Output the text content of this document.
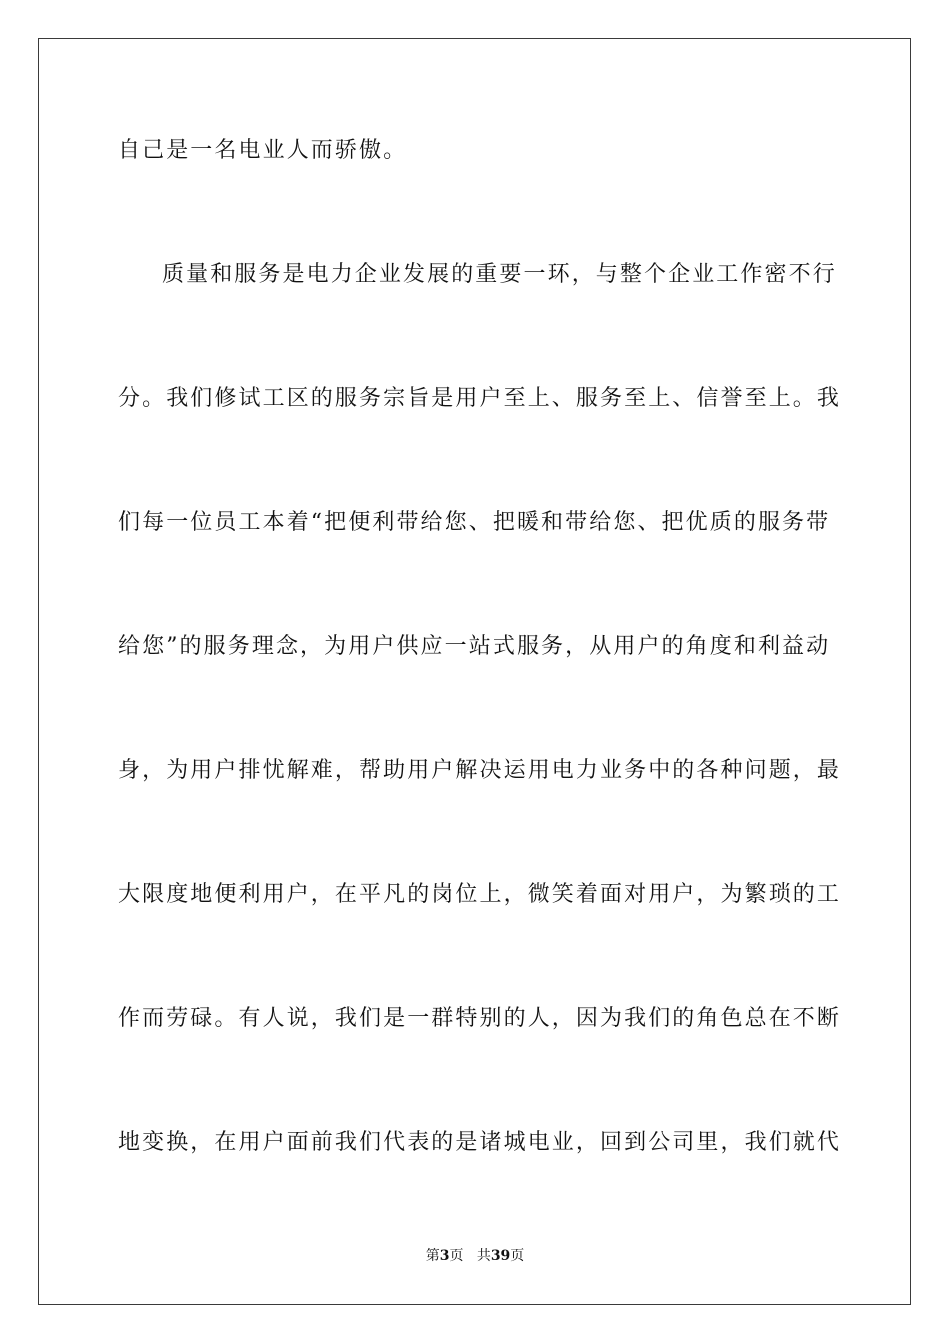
自己是一名电业人而骄傲。
质量和服务是电力企业发展的重要一环，与整个企业工作密不行
分。我们修试工区的服务宗旨是用户至上、服务至上、信誉至上。我
们每一位员工本着“把便利带给您、把暖和带给您、把优质的服务带
给您”的服务理念，为用户供应一站式服务，从用户的角度和利益动
身，为用户排忧解难，帮助用户解决运用电力业务中的各种问题，最
大限度地便利用户，在平凡的岗位上，微笑着面对用户，为繁琐的工
作而劳碌。有人说，我们是一群特别的人，因为我们的角色总在不断
地变换，在用户面前我们代表的是诸城电业，回到公司里，我们就代
第3页 共39页
